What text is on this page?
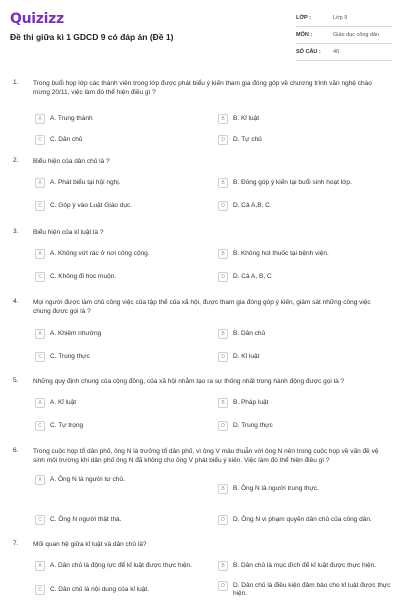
Quizizz
Đề thi giữa kì 1 GDCD 9 có đáp án (Đề 1)
LỚP :	Lớp 9
MÔN :	Giáo dục công dân
SỐ CÂU :	40
1. Trong buổi họp lớp các thành viên trong lớp được phát biểu ý kiến tham gia đóng góp về chương trình văn nghệ chào mừng 20/11, việc làm đó thể hiện điều gì ?
A	A. Trung thành	B	B. Kỉ luật
C	C. Dân chủ	D	D. Tự chủ
2. Biểu hiện của dân chủ là ?
A	A. Phát biểu tại hội nghị.	B	B. Đóng góp ý kiến tại buổi sinh hoạt lớp.
C	C. Góp ý vào Luật Giáo dục.	D	D. Cả A,B, C.
3. Biểu hiện của kỉ luật là ?
A	A. Không vứt rác ở nơi công cộng.	B	B. Không hút thuốc tại bệnh viện.
C	C. Không đi học muộn.	D	D. Cả A, B, C
4. Mọi người được làm chủ công việc của tập thể của xã hội, được tham gia đóng góp ý kiến, giám sát những công việc chung được gọi là ?
A	A. Khiêm nhường	B	B. Dân chủ
C	C. Trung thực	D	D. Kỉ luật
5. Những quy định chung của cộng đồng, của xã hội nhằm tạo ra sự thống nhất trong hành động được gọi là ?
A	A. Kỉ luật	B	B. Pháp luật
C	C. Tự trọng	D	D. Trung thực
6. Trong cuộc họp tổ dân phố, ông N là trưởng tổ dân phố, vì ông V mâu thuẫn với ông N nên trong cuộc họp về vấn đề vệ sinh môi trường khi dân phố ông N đã không cho ông V phát biểu ý kiến. Việc làm đó thể hiện điều gì ?
A	A. Ông N là người tự chủ.
B	B. Ông N là người trung thực.
C	C. Ông N người thật thà.	D	D. Ông N vi phạm quyền dân chủ của công dân.
7. Mối quan hệ giữa kỉ luật và dân chủ là?
A	A. Dân chủ là động lực để kỉ luật được thực hiện.	B	B. Dân chủ là mục đích để kỉ luật được thực hiện.
C	C. Dân chủ là nội dung của kỉ luật.	D	D. Dân chủ là điều kiện đảm bảo cho kỉ luật được thực hiện.
